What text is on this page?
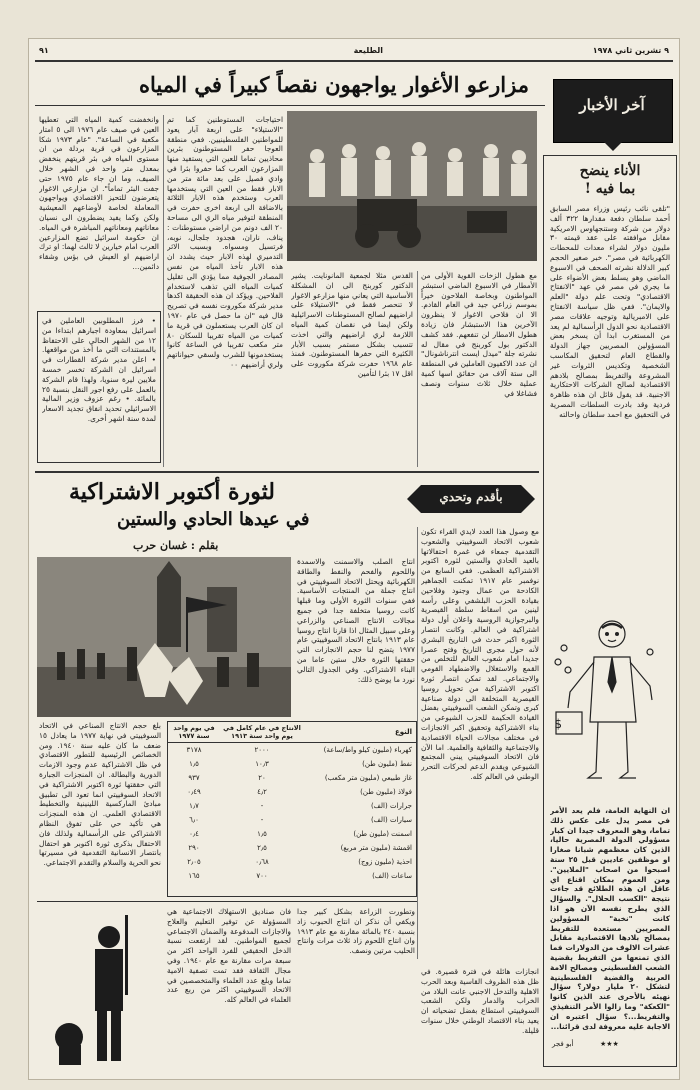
٩ تشرين ثاني ١٩٧٨
الطليعة
٩١
مزارعو الأغوار يواجهون نقصاً كبيراً في المياه
آخر الأخبار
الأناء ينضح
بما فيه !
"تلقى نائب رئيس وزراء مصر السابق أحمد سلطان دفعة مقدارها ٣٢٢ ألف دولار من شركة وستنجهاوس الامريكية مقابل موافقته على عقد قيمته ٣٠ مليون دولار لشراء معدات للمحطات الكهربائية في مصر". خبر صغير الحجم كبير الدلالة نشرته الصحف في الاسبوع الماضي وهو يسلط بعض الأضواء على ما يجري في مصر في عهد "الانفتاح الاقتصادي" وتحت علم دولة "العلم والايمان". ففي ظل سياسة الانفتاح على الامبريالية وتوجيه علاقات مصر الاقتصادية نحو الدول الرأسمالية لم يعد من المستغرب ابدا أن يسخر بعض المسؤولين المصريين جهاز الدولة والقطاع العام لتحقيق المكاسب الشخصية وتكديس الثروات غير المشروعة والتفريط بمصالح بلادهم الاقتصادية لصالح الشركات الاحتكارية الاجنبية. قد يقول قائل ان هذه ظاهرة فردية وقد بادرت السلطات المصرية في التحقيق مع احمد سلطان واحالته
$
ان النهاية العامة، فلم يعد الأمر في مصر يدل على عكس ذلك تماما، وهو المعروف جيدا ان كبار مسؤولي الدولة المصرية حاليا، الذين كان معظمهم شبانا صغارا او موظفين عاديين قبل ٢٥ سنة اصبحوا من اصحاب "الملايين". ومن العموم بمكان اقناع اي عاقل ان هذه الطلائع قد جاءت نتيجة "الكسب الحلال". والسؤال الذي يطرح نفسه الآن هو اذا كانت "نخبة" المسؤولين المصريين مستعدة للتفريط بمصالح بلادها الاقتصادية مقابل عشرات الالوف من الدولارات فما الذي تمنعها من التفريط بقضية الشعب الفلسطيني ومصالح الامة العربية والقضية الفلسطينية لتشكل ٢٠ مليار دولار؟ سؤال نهيئه بالأحرى عند الذين كانوا "الكعكة" وما زالوا الأمر التنفيذي والتفريط...؟ سؤال اعتبره ان الاجابة عليه معروفة لدى قرائنا...
أبو فجر	★★★
مع هطول الزخات القوية الأولى من الأمطار في الاسبوع الماضي استبشر المواطنون وبخاصة الفلاحون خيراً بموسم زراعي جيد في العام القادم. الا ان فلاحي الاغوار لا ينظرون الآخرين هذا الاستبشار فان زيادة هطول الامطار لن تنفعهم. فقد كشف الدكتور بول كوربنج في مقال له نشرته جلة "ميدل ايست انترناشونال" ان عدد الاكفيون العاملين في المنطقة الى ستة آلاف من حقائق اسها كمية عملية خلال ثلاث سنوات ونصف فشاغلا في
القدس مثلا لجمعية المانونايت. يشير الدكتور كوربنج الى ان المشكلة الأساسية التي يعاني منها مزارعو الاغوار لا تنحصر فقط في "الاستيلاء على اراضيهم لصالح المستوطنات الاسرائيلية ولكن ايضا في نقصان كمية المياه اللازمة لري اراضيهم والتي اخذت تتسبب بشكل مستمر بسبب الأبار الكثيرة التي حفرها المستوطنون. فمنذ عام ١٩٦٨ حفرت شركة مكوروت على اقل ١٧ بئرا لتأمين
احتياجات المستوطنين كما تم "الاستيلاء" على اربعة آبار يعود للمواطنين الفلسطينيين. ففي منطقة العوجا حفر المستوطنون بئرين محاذيين تماما للعين التي يستفيد منها المزارعون العرب كما حفروا بئرا في وادي فصيل على بعد مائة متر من الابار فقط من العين التي يستخدمها العرب وستخدم هذه الابار الثلاثة بالاضافة الى اربعة اخرى حفرت في المنطقة لتوفير مياه الري الى مساحة ٢٠ الف دونم من اراضي مستوطنات : يناف، ناران، هجدود جلجال، نوبه، فرتسيل ومسواه. وبسبب الاثر التدميري لهذه الابار حيث يشدد ان هذه الابار تأخذ المياه من نفس المصادر الجوفية مما يؤدي الى تقليل كميات المياه التي تذهب لاستخدام الفلاحين. ويؤكد ان هذه الحقيقة اكدها مدير شركة مكوروت نفسه في تصريح قال فيه "ان ما حصل في عام ١٩٧٠ ان كان العرب يستعملون في قرية ما كميات من المياه تقريبا للسكان ٨٠ متر مكعب تقريبا في الساعة كانوا يستخدمونها للشرب ولسقي حيواناتهم ولري أراضيهم ٠٠
وانخفضت كمية المياه التي تعطيها العين في صيف عام ١٩٧٦ الى ٥ امتار مكعبة في الساعة". "عام ١٩٧٣ شكا المزارعون في قرية بردلة من ان مستوى المياه في بئر قريتهم ينخفض بمعدل متر واحد في الشهر خلال الصيف، وما ان جاء عام ١٩٧٥ حتى جفت البئر تماماً". ان مزارعي الاغوار يتعرضون للتحيز الاقتصادي ويواجهون المعاملة لخاصة لأوضاعهم المعيشية ولكن وكما يفيد يضطرون الى نسيان معاناتهم ومعاناتهم المباشرة في المياه. ان حكومة اسرائيل تضع المزارعين العرب امام خيارين لا ثالث لهما: او ترك اراضيهم او العيش في بؤس وشقاء دائمين...
• فرز المطلوبين العاملين في اسرائيل بمعاودة اجبارهم ابتداءا من ١٢ من الشهر الحالي على الاحتفاظ بالمستندات التي ما أخذ من مواقعها. • اعلن مدير شركة القطارات في اسرائيل ان الشركة تخسر خمسة ملايين ليرة سنويا، ولهذا قام الشركة بالعمل على رفع اجور النقل بنسبة ٢٥ بالمائة. • رغم عزوف وزير المالية الاسرائيلي تحديد انفاق تجديد الاسعار لمدة سنة اشهر أخرى.
بأقدم وتحدي
لثورة أكتوبر الاشتراكية
في عيدها الحادي والستين
بقلم : غسان حرب
مع وصول هذا العدد لايدي القراء تكون شعوب الاتحاد السوفييتي والشعوب التقدمية جمعاء في غمرة احتفالاتها بالعيد الحادي والستين لثورة اكتوبر الاشتراكية العظمى. ففي السابع من نوفمبر عام ١٩١٧ تمكنت الجماهير الكادحة من عمال وجنود وفلاحين بقيادة الحزب البلشفي وعلى رأسه لينين من اسقاط سلطة القيصرية والبرجوازية الروسية واعلان أول دولة اشتراكية في العالم. وكانت انتصار الثورة اكبر حدث في التاريخ البشري لأنه حول مجرى التاريخ وفتح عصرا جديدا امام شعوب العالم للتخلص من القمع والاستغلال والاضطهاد القومي والاجتماعي. لقد تمكن انتصار ثورة اكتوبر الاشتراكية من تحويل روسيا القيصرية المتخلفة الى دولة صناعية كبرى وتمكن الشعب السوفييتي بفضل القيادة الحكيمة للحزب الشيوعي من بناء الاشتراكية وتحقيق اكبر الانجازات في مختلف مجالات الحياة الاقتصادية والاجتماعية والثقافية والعلمية. اما الآن فان الاتحاد السوفييتي يبني المجتمع الشيوعي ويقدم الدعم لحركات التحرر الوطني في العالم كله.
انتاج الصلب والاسمنت والاسمدة واللحوم والفحم والنفط والطاقة الكهربائية ويحتل الاتحاد السوفييتي في انتاج جملة من المنتجات الأساسية. ففي سنوات الثورة الأولى وما قبلها كانت روسيا متخلفة جدا في جميع مجالات الانتاج الصناعي والزراعي وعلى سبيل المثال اذا قارنا انتاج روسيا عام ١٩١٣ بانتاج الاتحاد السوفييتي عام ١٩٧٧ يتضح لنا حجم الانجازات التي حققتها الثورة خلال ستين عاما من البناء الاشتراكي. وفي الجدول التالي نورد ما يوضح ذلك:
النوع	الانتاج في عام كامل في يوم واحد سنة ١٩١٣	في يوم واحد سنة ١٩٧٧
كهرباء (مليون كيلو واط/ساعة)	٢٠٠٠	٣١٧٨
نفط (مليون طن)	١٠٫٣	١٫٥
غاز طبيعي (مليون متر مكعب)	٢٠	٩٣٧
فولاذ (مليون طن)	٤٫٢	٠٫٤٩
جرارات (الف)	-	١٫٧
سيارات (الف)	-	٦٫٠
اسمنت (مليون طن)	١٫٥	٠٫٤
اقمشة (مليون متر مربع)	٢٫٥	٢٩٠
احذية (مليون زوج)	٠٫٦٨	٢٫٠٥
ساعات (الف)	٧٠٠	١٦٥
بلغ حجم الانتاج الصناعي في الاتحاد السوفييتي في نهاية ١٩٧٧ ما يعادل ١٥ ضعف ما كان عليه سنة ١٩٤٠. ومن الخصائص الرئيسية للتطور الاقتصادي في ظل الاشتراكية عدم وجود الازمات الدورية والبطالة. ان المنجزات الجبارة التي حققتها ثورة اكتوبر الاشتراكية في الاتحاد السوفييتي انما تعود الى تطبيق مبادئ الماركسية اللينينية والتخطيط الاقتصادي العلمي. ان هذه المنجزات هي تأكيد حي على تفوق النظام الاشتراكي على الرأسمالية ولذلك فان الاحتفال بذكرى ثورة اكتوبر هو احتفال بانتصار الانسانية التقدمية في مسيرتها نحو الحرية والسلام والتقدم الاجتماعي.
انجازات هائلة في فترة قصيرة. في ظل هذه الظروف القاسية وبعد الحرب الاهلية والتدخل الاجنبي عانت البلاد من الخراب والدمار ولكن الشعب السوفييتي استطاع بفضل تضحياته ان يعيد بناء الاقتصاد الوطني خلال سنوات قليلة.
وتطورت الزراعة بشكل كبير جدا ويكفي أن نذكر ان انتاج الحبوب زاد بنسبة ٢٤٠ بالمائة مقارنة مع عام ١٩١٣ وان انتاج اللحوم زاد ثلاث مرات وانتاج الحليب مرتين ونصف.
فان صناديق الاستهلاك الاجتماعية هي المسؤولة عن توفير التعليم والعلاج والاجازات المدفوعة والضمان الاجتماعي لجميع المواطنين. لقد ارتفعت نسبة الدخل الحقيقي للفرد الواحد اكثر من سبعة مرات مقارنة مع عام ١٩٤٠. وفي مجال الثقافة فقد تمت تصفية الامية تماما وبلغ عدد العلماء والمتخصصين في الاتحاد السوفييتي اكثر من ربع عدد العلماء في العالم كله.
